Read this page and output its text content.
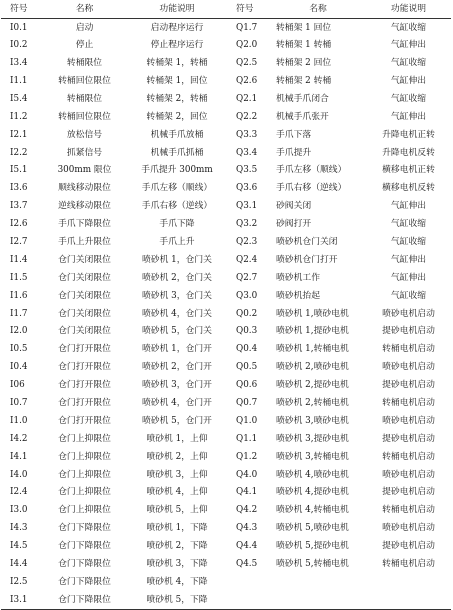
符号	名称	功能说明	符号	名称	功能说明
I0.1	启动	启动程序运行	Q1.7	转桶架 1 回位	气缸收缩
I0.2	停止	停止程序运行	Q2.0	转桶架 1 转桶	气缸伸出
I3.4	转桶限位	转桶架 1，转桶	Q2.5	转桶架 2 回位	气缸收缩
I1.1	转桶回位限位	转桶架 1，回位	Q2.6	转桶架 2 转桶	气缸伸出
I5.4	转桶限位	转桶架 2，转桶	Q2.1	机械手爪闭合	气缸收缩
I1.2	转桶回位限位	转桶架 2，回位	Q2.2	机械手爪张开	气缸伸出
I2.1	放松信号	机械手爪放桶	Q3.3	手爪下落	升降电机正转
I2.2	抓紧信号	机械手爪抓桶	Q3.4	手爪提升	升降电机反转
I5.1	300mm 限位	手爪提升 300mm	Q3.5	手爪左移（顺线）	横移电机正转
I3.6	顺线移动限位	手爪左移（顺线）	Q3.6	手爪右移（逆线）	横移电机反转
I3.7	逆线移动限位	手爪右移（逆线）	Q3.1	砂阀关闭	气缸伸出
I2.6	手爪下降限位	手爪下降	Q3.2	砂阀打开	气缸收缩
I2.7	手爪上升限位	手爪上升	Q2.3	喷砂机仓门关闭	气缸收缩
I1.4	仓门关闭限位	喷砂机 1，仓门关	Q2.4	喷砂机仓门打开	气缸伸出
I1.5	仓门关闭限位	喷砂机 2，仓门关	Q2.7	喷砂机工作	气缸伸出
I1.6	仓门关闭限位	喷砂机 3，仓门关	Q3.0	喷砂机抬起	气缸收缩
I1.7	仓门关闭限位	喷砂机 4，仓门关	Q0.2	喷砂机 1,喷砂电机	喷砂电机启动
I2.0	仓门关闭限位	喷砂机 5，仓门关	Q0.3	喷砂机 1,提砂电机	提砂电机启动
I0.5	仓门打开限位	喷砂机 1，仓门开	Q0.4	喷砂机 1,转桶电机	转桶电机启动
I0.4	仓门打开限位	喷砂机 2，仓门开	Q0.5	喷砂机 2,喷砂电机	喷砂电机启动
I06	仓门打开限位	喷砂机 3，仓门开	Q0.6	喷砂机 2,提砂电机	提砂电机启动
I0.7	仓门打开限位	喷砂机 4，仓门开	Q0.7	喷砂机 2,转桶电机	转桶电机启动
I1.0	仓门打开限位	喷砂机 5，仓门开	Q1.0	喷砂机 3,喷砂电机	喷砂电机启动
I4.2	仓门上抑限位	喷砂机 1，上仰	Q1.1	喷砂机 3,提砂电机	提砂电机启动
I4.1	仓门上抑限位	喷砂机 2，上仰	Q1.2	喷砂机 3,转桶电机	转桶电机启动
I4.0	仓门上抑限位	喷砂机 3，上仰	Q4.0	喷砂机 4,喷砂电机	喷砂电机启动
I2.4	仓门上抑限位	喷砂机 4，上仰	Q4.1	喷砂机 4,提砂电机	提砂电机启动
I3.0	仓门上抑限位	喷砂机 5，上仰	Q4.2	喷砂机 4,转桶电机	转桶电机启动
I4.3	仓门下降限位	喷砂机 1，下降	Q4.3	喷砂机 5,喷砂电机	喷砂电机启动
I4.5	仓门下降限位	喷砂机 2，下降	Q4.4	喷砂机 5,提砂电机	提砂电机启动
I4.4	仓门下降限位	喷砂机 3，下降	Q4.5	喷砂机 5,转桶电机	转桶电机启动
I2.5	仓门下降限位	喷砂机 4，下降			
I3.1	仓门下降限位	喷砂机 5，下降			
